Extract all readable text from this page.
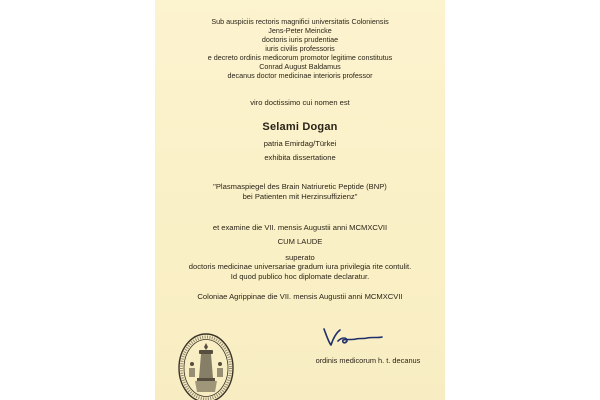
Sub auspiciis rectoris magnifici universitatis Coloniensis
Jens-Peter Meincke
doctoris iuris prudentiae
iuris civilis professoris
e decreto ordinis medicorum promotor legitime constitutus
Conrad August Baldamus
decanus doctor medicinae interioris professor
viro doctissimo cui nomen est
Selami Dogan
patria Emirdag/Türkei
exhibita dissertatione
"Plasmaspiegel des Brain Natriuretic Peptide (BNP)
bei Patienten mit Herzinsuffizienz"
et examine die VII. mensis Augustii anni MCMXCVII
CUM LAUDE
superato
doctoris medicinae universariae gradum iura privilegia rite contulit.
Id quod publico hoc diplomate declaratur.
Coloniae Agrippinae die VII. mensis Augustii anni MCMXCVII
ordinis medicorum h. t. decanus
